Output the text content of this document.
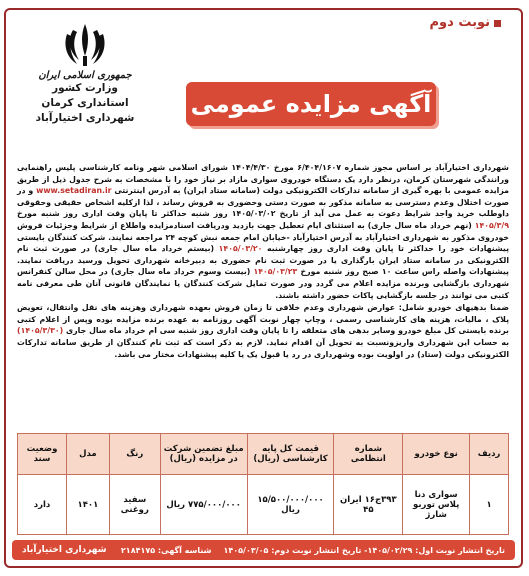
نوبت دوم
آگهی مزایده عمومی

شهرداری اختیارآباد بر اساس مجوز شماره ۶/۴۰۴/۱۶۰۷ مورخ ۱۴۰۴/۴/۳۰ شورای اسلامی شهر ونامه کارشناسی پلیس راهنمایی ورانندگی شهرستان کرمان، درنظر دارد یک دستگاه خودروی سواری مازاد بر نیاز خود را با مشخصات به شرح جدول ذیل از طریق مزایده عمومی با بهره گیری از سامانه تدارکات الکترونیکی دولت (سامانه ستاد ایران) به آدرس اینترنتی www.setadiran.ir و در صورت اختلال وعدم دسترسی به سامانه مذکور به صورت دستی وحضوری به فروش رساند ، لذا ازکلیه اشخاص حقیقی وحقوقی داوطلب خرید واجد شرایط دعوت به عمل می آید از تاریخ ۱۴۰۵/۰۳/۰۲ روز شنبه حداکثر تا پایان وقت اداری روز شنبه مورخ ۱۴۰۵/۳/۹ (نهم خرداد ماه سال جاری) به استثنای ایام تعطیل جهت بازدید ودریافت اسنادمزایده واطلاع از شرایط وجزئیات فروش خودروی مذکور به شهرداری اختیارآباد به آدرس اختیارآباد -خیابان امام جمعه نبش کوچه ۲۴ مراجعه نمایند. شرکت کنندگان بایستی پیشنهادات خود را حداکثر تا پایان وقت اداری روز چهارشنبه ۱۴۰۵/۰۳/۲۰ (بیستم خرداد ماه سال جاری) در صورت ثبت نام الکترونیکی در سامانه ستاد ایران بارگذاری یا در صورت ثبت نام حضوری به دبیرخانه شهرداری تحویل ورسید دریافت نمایند. پیشنهادات واصله راس ساعت ۱۰ صبح روز شنبه مورخ ۱۴۰۵/۰۳/۲۳ (بیست وسوم خرداد ماه سال جاری) در محل سالن کنفرانس شهرداری بازگشایی وبرنده مزایده اعلام می گردد ودر صورت تمایل شرکت کنندگان یا نمایندگان قانونی آنان طی معرفی نامه کتبی می توانند در جلسه بازگشایی پاکات حضور داشته باشند.

ضمنا بدهیهای خودرو شامل: عوارض شهرداری وعدم خلافی تا زمان فروش بعهده شهرداری وهزینه های نقل وانتقال، تعویض پلاک ، مالیات، هزینه های کارشناسی رسمی ، وچاپ چهار نوبت آگهی روزنامه به عهده برنده مزایده بوده وپس از اعلام کتبی برنده بایستی کل مبلغ خودرو وسایر بدهی های متعلقه را تا پایان وقت اداری روز شنبه سی ام خرداد ماه سال جاری (۱۴۰۵/۳/۳۰) به حساب این شهرداری واریزونسبت به تحویل آن اقدام نماید. لازم به ذکر است که ثبت نام کنندگان از طریق سامانه تدارکات الکترونیکی دولت (ستاد) در اولویت بوده وشهرداری در رد یا قبول یک یا کلیه پیشنهادات مختار می باشد.

ردیف	نوع خودرو	شماره انتظامی	قیمت کل پایه کارشناسی (ریال)	مبلغ تضمین شرکت در مزایده (ریال)	رنگ	مدل	وضعیت سند
۱	سواری دنا پلاس توربو شارژ	۳۹۳ج۱۶ ایران ۴۵	۱۵/۵۰۰/۰۰۰/۰۰۰ ریال	۷۷۵/۰۰۰/۰۰۰ ریال	سفید روغنی	۱۴۰۱	دارد
تاریخ انتشار نوبت اول: ۱۴۰۵/۰۲/۲۹- تاریخ انتشار نوبت دوم: ۱۴۰۵/۰۳/۰۵
شناسه آگهی: ۲۱۸۴۱۷۵
شهرداری اختیارآباد
جمهوری اسلامی ایران
وزارت کشور
استانداری کرمان
شهرداری اختیارآباد
